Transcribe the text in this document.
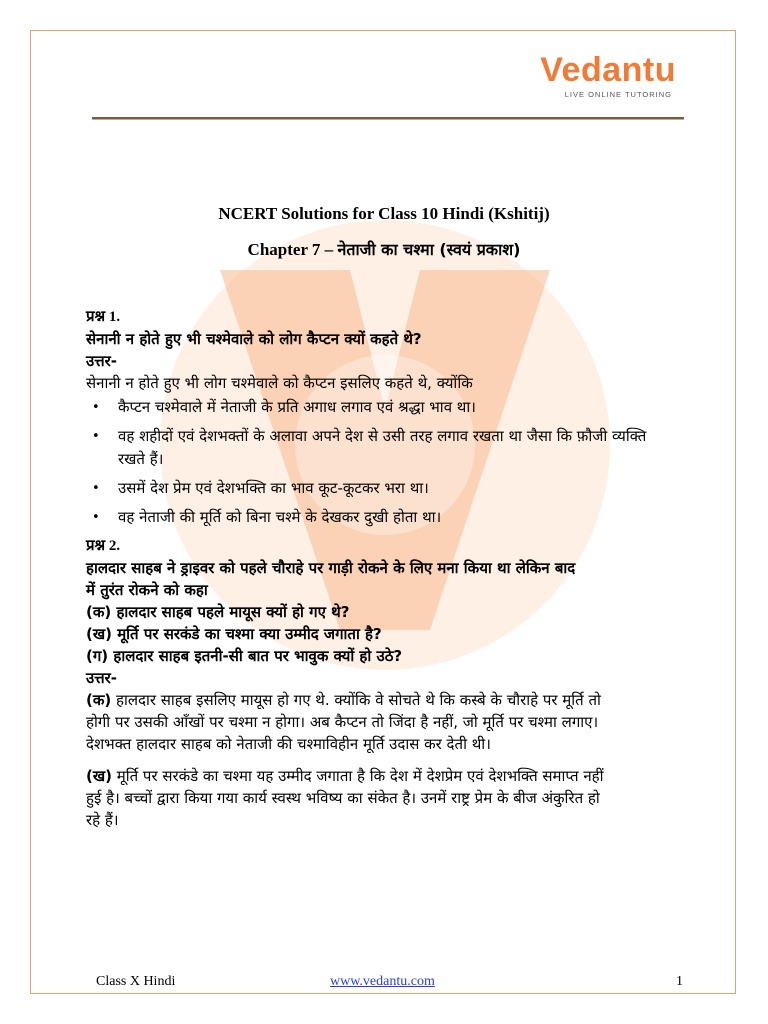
Vedantu
LIVE ONLINE TUTORING
NCERT Solutions for Class 10 Hindi (Kshitij)
Chapter 7 – नेताजी का चश्मा (स्वयं प्रकाश)
प्रश्न 1.
सेनानी न होते हुए भी चश्मेवाले को लोग कैप्टन क्यों कहते थे?
उत्तर-
सेनानी न होते हुए भी लोग चश्मेवाले को कैप्टन इसलिए कहते थे, क्योंकि
• कैप्टन चश्मेवाले में नेताजी के प्रति अगाध लगाव एवं श्रद्धा भाव था।
• वह शहीदों एवं देशभक्तों के अलावा अपने देश से उसी तरह लगाव रखता था जैसा कि फ़ौजी व्यक्ति रखते हैं।
• उसमें देश प्रेम एवं देशभक्ति का भाव कूट-कूटकर भरा था।
• वह नेताजी की मूर्ति को बिना चश्मे के देखकर दुखी होता था।
प्रश्न 2.
हालदार साहब ने ड्राइवर को पहले चौराहे पर गाड़ी रोकने के लिए मना किया था लेकिन बाद
में तुरंत रोकने को कहा
(क) हालदार साहब पहले मायूस क्यों हो गए थे?
(ख) मूर्ति पर सरकंडे का चश्मा क्या उम्मीद जगाता है?
(ग) हालदार साहब इतनी-सी बात पर भावुक क्यों हो उठे?
उत्तर-
(क) हालदार साहब इसलिए मायूस हो गए थे. क्योंकि वे सोचते थे कि कस्बे के चौराहे पर मूर्ति तो
होगी पर उसकी आँखों पर चश्मा न होगा। अब कैप्टन तो जिंदा है नहीं, जो मूर्ति पर चश्मा लगाए।
देशभक्त हालदार साहब को नेताजी की चश्माविहीन मूर्ति उदास कर देती थी।
(ख) मूर्ति पर सरकंडे का चश्मा यह उम्मीद जगाता है कि देश में देशप्रेम एवं देशभक्ति समाप्त नहीं
हुई है। बच्चों द्वारा किया गया कार्य स्वस्थ भविष्य का संकेत है। उनमें राष्ट्र प्रेम के बीज अंकुरित हो
रहे हैं।
Class X Hindi	www.vedantu.com	1
